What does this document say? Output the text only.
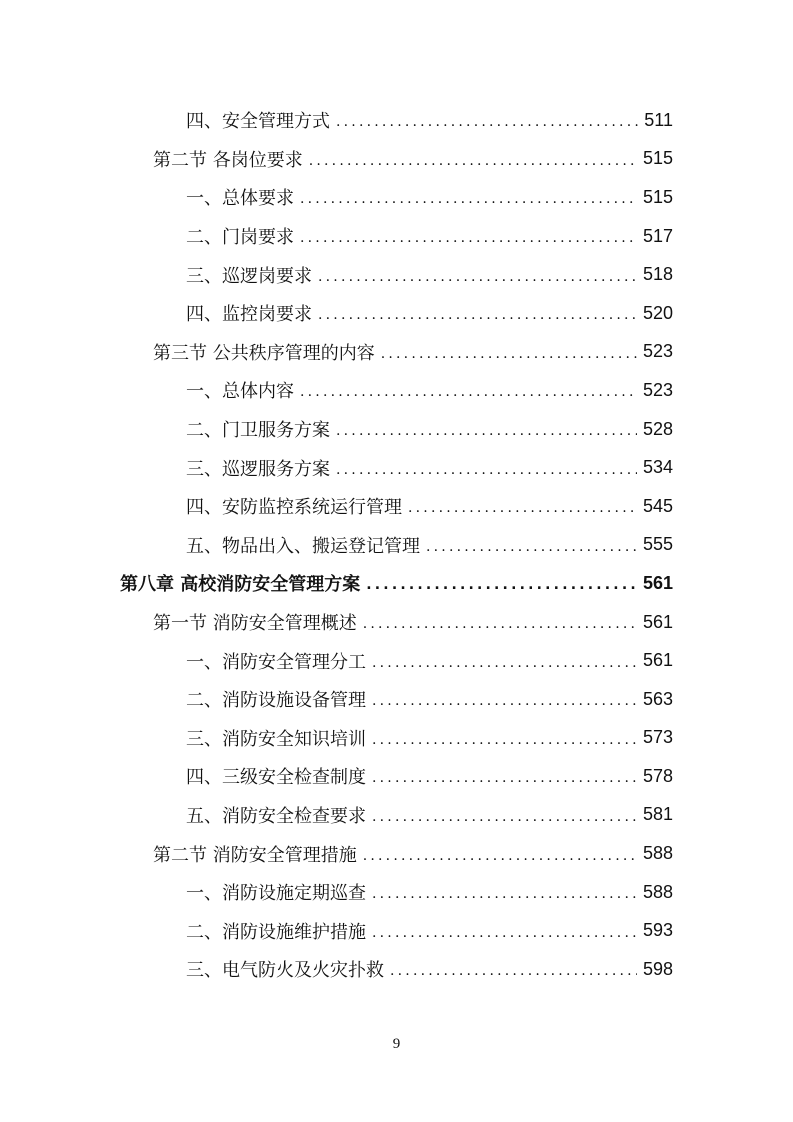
四、安全管理方式 .....	511
第二节 各岗位要求 .....	515
一、总体要求 .....	515
二、门岗要求 .....	517
三、巡逻岗要求 .....	518
四、监控岗要求 .....	520
第三节 公共秩序管理的内容 .....	523
一、总体内容 .....	523
二、门卫服务方案 .....	528
三、巡逻服务方案 .....	534
四、安防监控系统运行管理 .....	545
五、物品出入、搬运登记管理 .....	555
第八章 高校消防安全管理方案 .....	561
第一节 消防安全管理概述 .....	561
一、消防安全管理分工 .....	561
二、消防设施设备管理 .....	563
三、消防安全知识培训 .....	573
四、三级安全检查制度 .....	578
五、消防安全检查要求 .....	581
第二节 消防安全管理措施 .....	588
一、消防设施定期巡查 .....	588
二、消防设施维护措施 .....	593
三、电气防火及火灾扑救 .....	598
9
